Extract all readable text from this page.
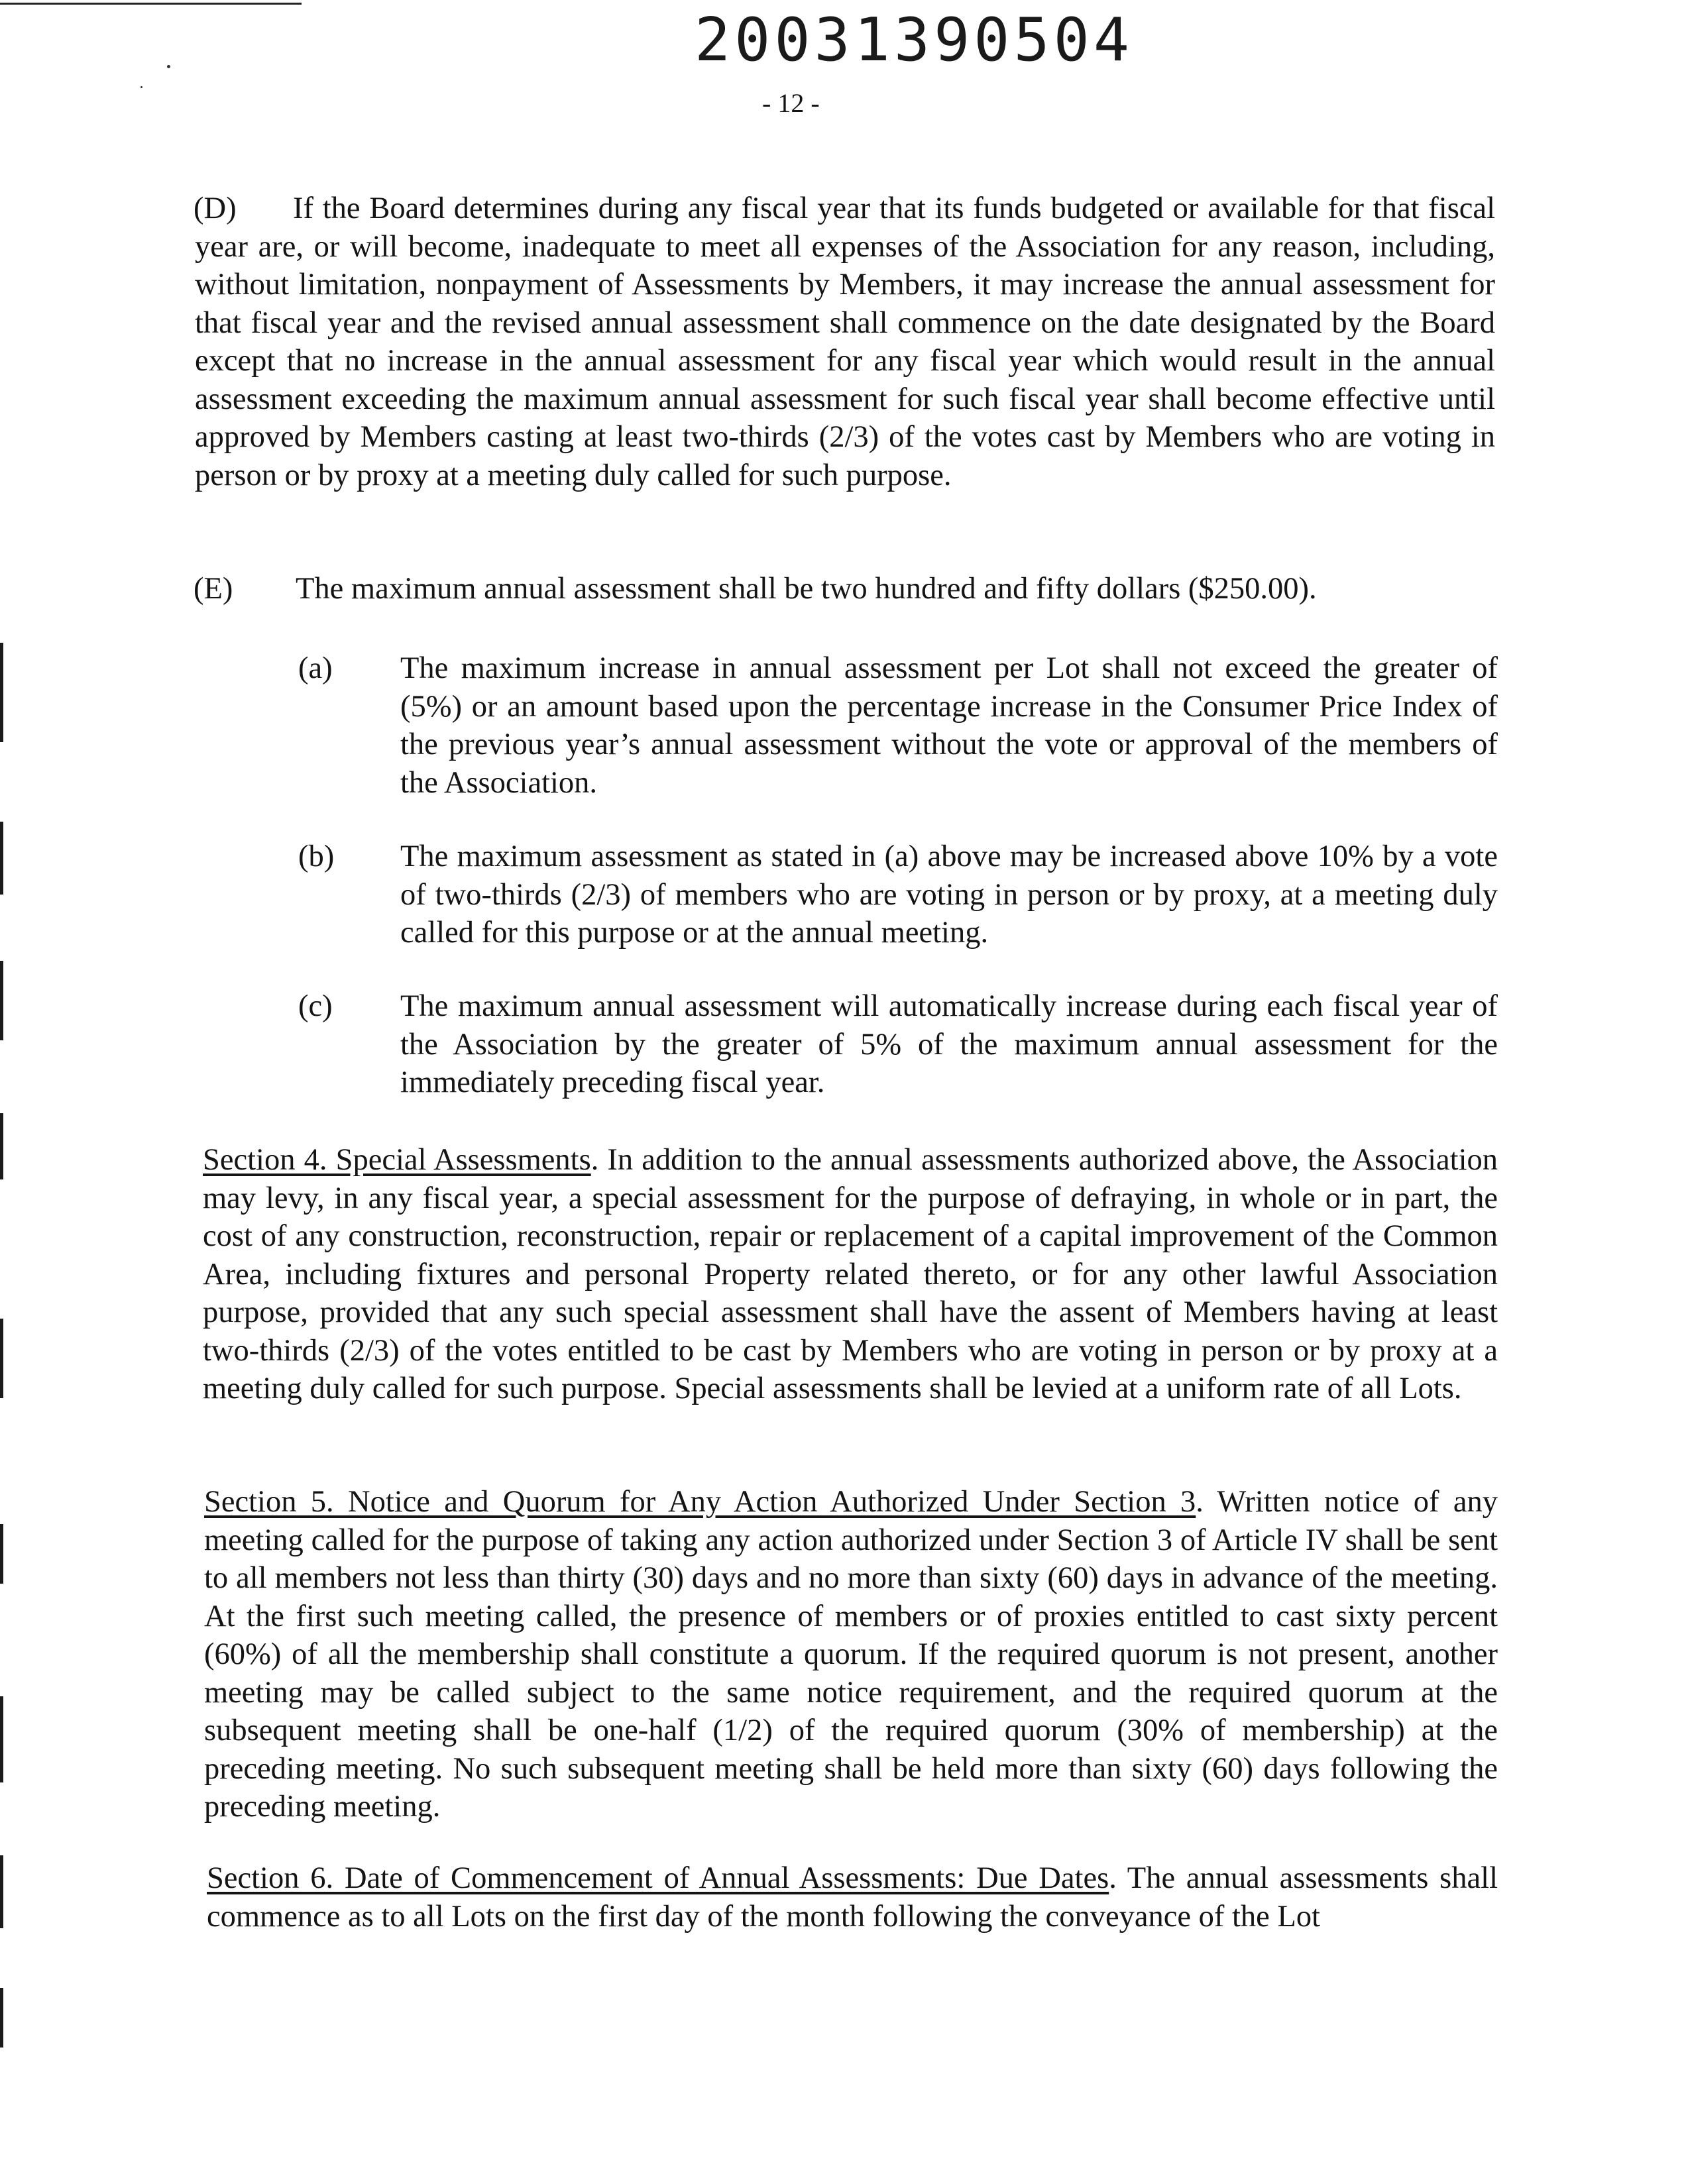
20031390504
- 12 -
(D)	If the Board determines during any fiscal year that its funds budgeted or available for that fiscal year are, or will become, inadequate to meet all expenses of the Association for any reason, including, without limitation, nonpayment of Assessments by Members, it may increase the annual assessment for that fiscal year and the revised annual assessment shall commence on the date designated by the Board except that no increase in the annual assessment for any fiscal year which would result in the annual assessment exceeding the maximum annual assessment for such fiscal year shall become effective until approved by Members casting at least two-thirds (2/3) of the votes cast by Members who are voting in person or by proxy at a meeting duly called for such purpose.
(E) The maximum annual assessment shall be two hundred and fifty dollars ($250.00).
(a) The maximum increase in annual assessment per Lot shall not exceed the greater of (5%) or an amount based upon the percentage increase in the Consumer Price Index of the previous year’s annual assessment without the vote or approval of the members of the Association.
(b) The maximum assessment as stated in (a) above may be increased above 10% by a vote of two-thirds (2/3) of members who are voting in person or by proxy, at a meeting duly called for this purpose or at the annual meeting.
(c) The maximum annual assessment will automatically increase during each fiscal year of the Association by the greater of 5% of the maximum annual assessment for the immediately preceding fiscal year.
Section 4. Special Assessments. In addition to the annual assessments authorized above, the Association may levy, in any fiscal year, a special assessment for the purpose of defraying, in whole or in part, the cost of any construction, reconstruction, repair or replacement of a capital improvement of the Common Area, including fixtures and personal Property related thereto, or for any other lawful Association purpose, provided that any such special assessment shall have the assent of Members having at least two-thirds (2/3) of the votes entitled to be cast by Members who are voting in person or by proxy at a meeting duly called for such purpose. Special assessments shall be levied at a uniform rate of all Lots.
Section 5. Notice and Quorum for Any Action Authorized Under Section 3. Written notice of any meeting called for the purpose of taking any action authorized under Section 3 of Article IV shall be sent to all members not less than thirty (30) days and no more than sixty (60) days in advance of the meeting. At the first such meeting called, the presence of members or of proxies entitled to cast sixty percent (60%) of all the membership shall constitute a quorum. If the required quorum is not present, another meeting may be called subject to the same notice requirement, and the required quorum at the subsequent meeting shall be one-half (1/2) of the required quorum (30% of membership) at the preceding meeting. No such subsequent meeting shall be held more than sixty (60) days following the preceding meeting.
Section 6. Date of Commencement of Annual Assessments: Due Dates. The annual assessments shall commence as to all Lots on the first day of the month following the conveyance of the Lot
